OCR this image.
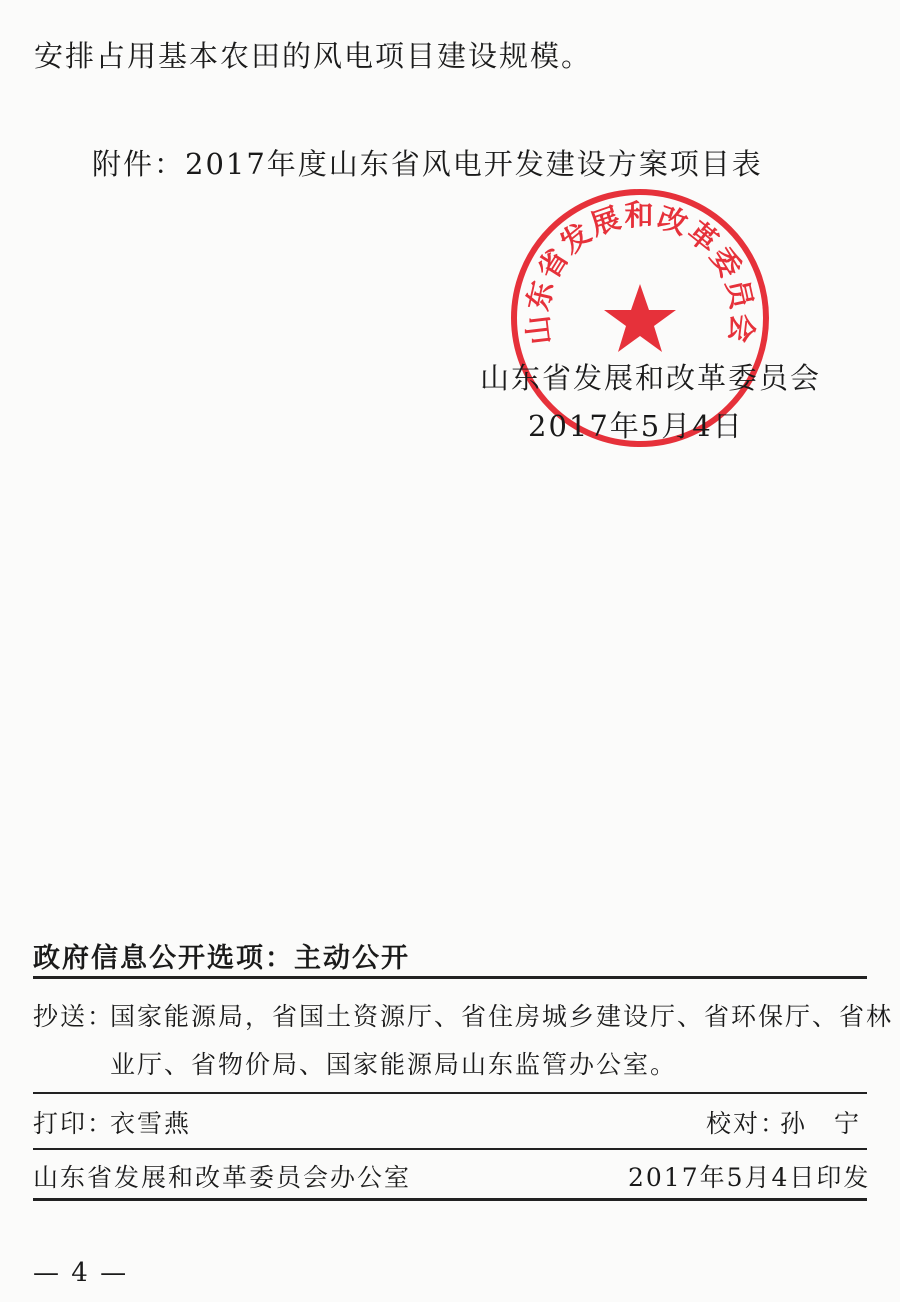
安排占用基本农田的风电项目建设规模。
附件：2017年度山东省风电开发建设方案项目表
山东省发展和改革委员会
山东省发展和改革委员会
2017年5月4日
政府信息公开选项：主动公开
抄送：
国家能源局，省国土资源厅、省住房城乡建设厅、省环保厅、省林
业厅、省物价局、国家能源局山东监管办公室。
打印：
衣雪燕	校对：
孙　宁
山东省发展和改革委员会办公室	2017年5月4日印发
— 4 —
